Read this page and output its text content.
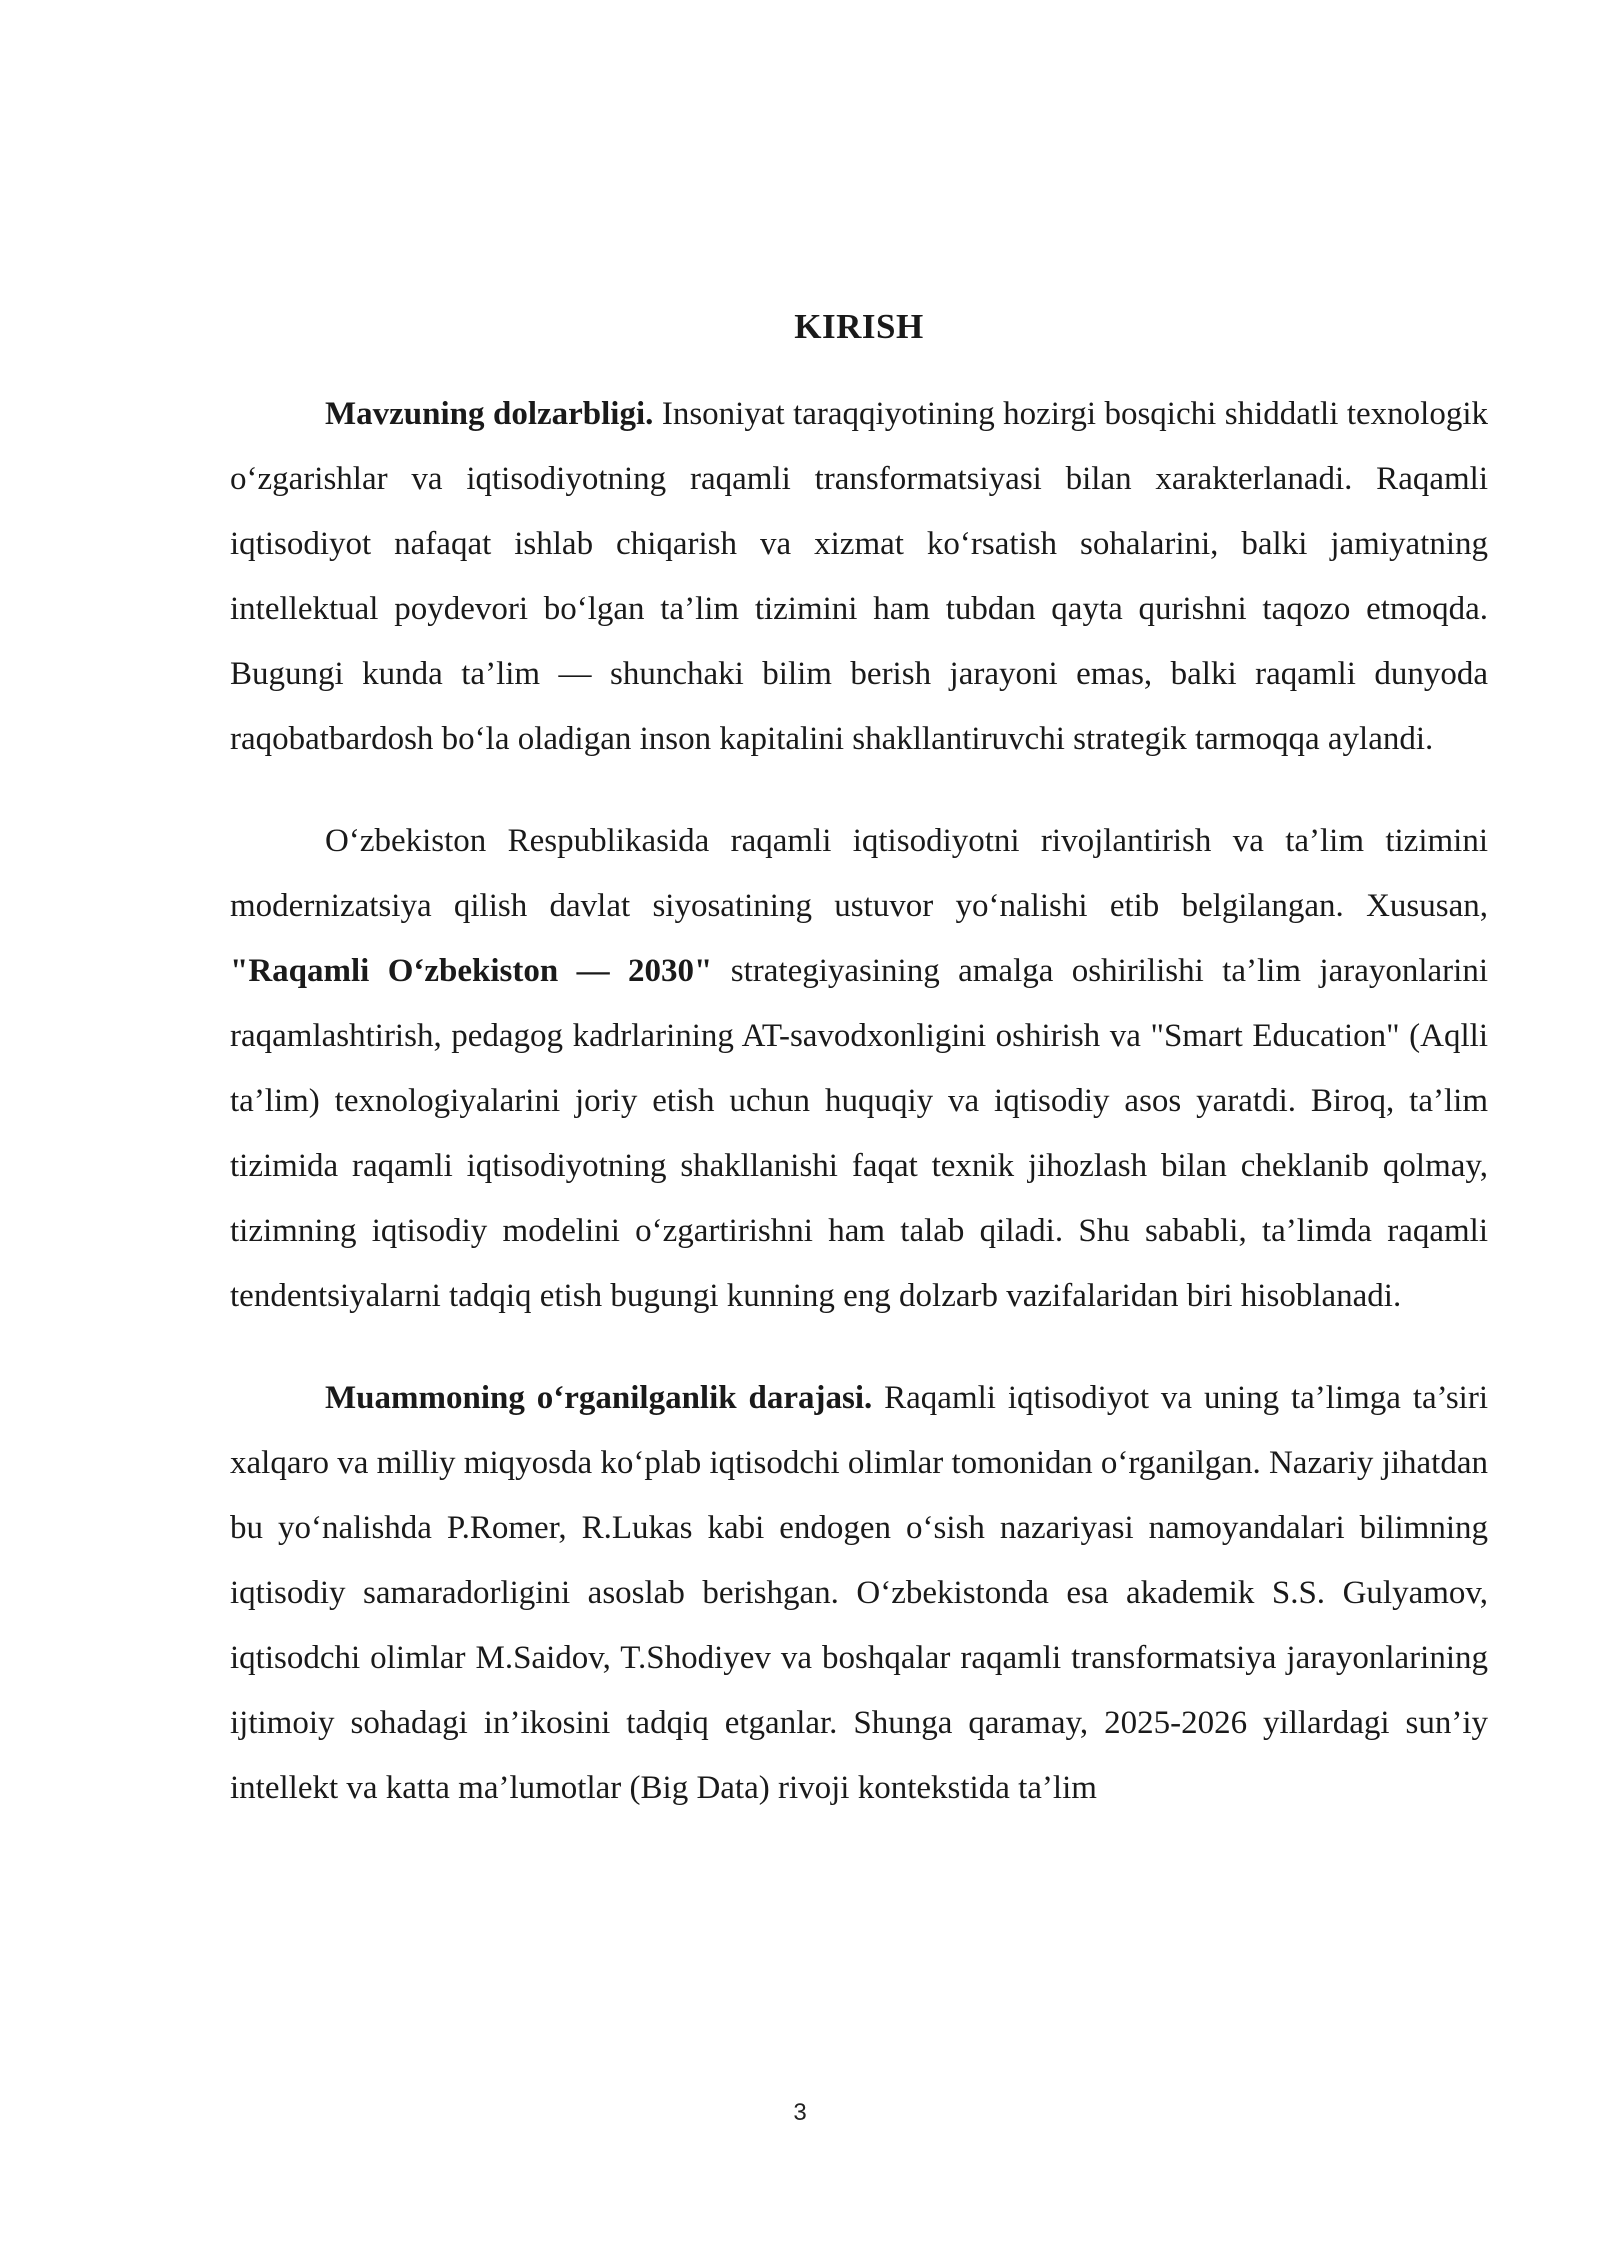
KIRISH

Mavzuning dolzarbligi. Insoniyat taraqqiyotining hozirgi bosqichi shiddatli texnologik o‘zgarishlar va iqtisodiyotning raqamli transformatsiyasi bilan xarakterlanadi. Raqamli iqtisodiyot nafaqat ishlab chiqarish va xizmat ko‘rsatish sohalarini, balki jamiyatning intellektual poydevori bo‘lgan ta’lim tizimini ham tubdan qayta qurishni taqozo etmoqda. Bugungi kunda ta’lim — shunchaki bilim berish jarayoni emas, balki raqamli dunyoda raqobatbardosh bo‘la oladigan inson kapitalini shakllantiruvchi strategik tarmoqqa aylandi.

O‘zbekiston Respublikasida raqamli iqtisodiyotni rivojlantirish va ta’lim tizimini modernizatsiya qilish davlat siyosatining ustuvor yo‘nalishi etib belgilangan. Xususan, "Raqamli O‘zbekiston — 2030" strategiyasining amalga oshirilishi ta’lim jarayonlarini raqamlashtirish, pedagog kadrlarining AT-savodxonligini oshirish va "Smart Education" (Aqlli ta’lim) texnologiyalarini joriy etish uchun huquqiy va iqtisodiy asos yaratdi. Biroq, ta’lim tizimida raqamli iqtisodiyotning shakllanishi faqat texnik jihozlash bilan cheklanib qolmay, tizimning iqtisodiy modelini o‘zgartirishni ham talab qiladi. Shu sababli, ta’limda raqamli tendentsiyalarni tadqiq etish bugungi kunning eng dolzarb vazifalaridan biri hisoblanadi.

Muammoning o‘rganilganlik darajasi. Raqamli iqtisodiyot va uning ta’limga ta’siri xalqaro va milliy miqyosda ko‘plab iqtisodchi olimlar tomonidan o‘rganilgan. Nazariy jihatdan bu yo‘nalishda P.Romer, R.Lukas kabi endogen o‘sish nazariyasi namoyandalari bilimning iqtisodiy samaradorligini asoslab berishgan. O‘zbekistonda esa akademik S.S. Gulyamov, iqtisodchi olimlar M.Saidov, T.Shodiyev va boshqalar raqamli transformatsiya jarayonlarining ijtimoiy sohadagi in’ikosini tadqiq etganlar. Shunga qaramay, 2025-2026 yillardagi sun’iy intellekt va katta ma’lumotlar (Big Data) rivoji kontekstida ta’lim

3
